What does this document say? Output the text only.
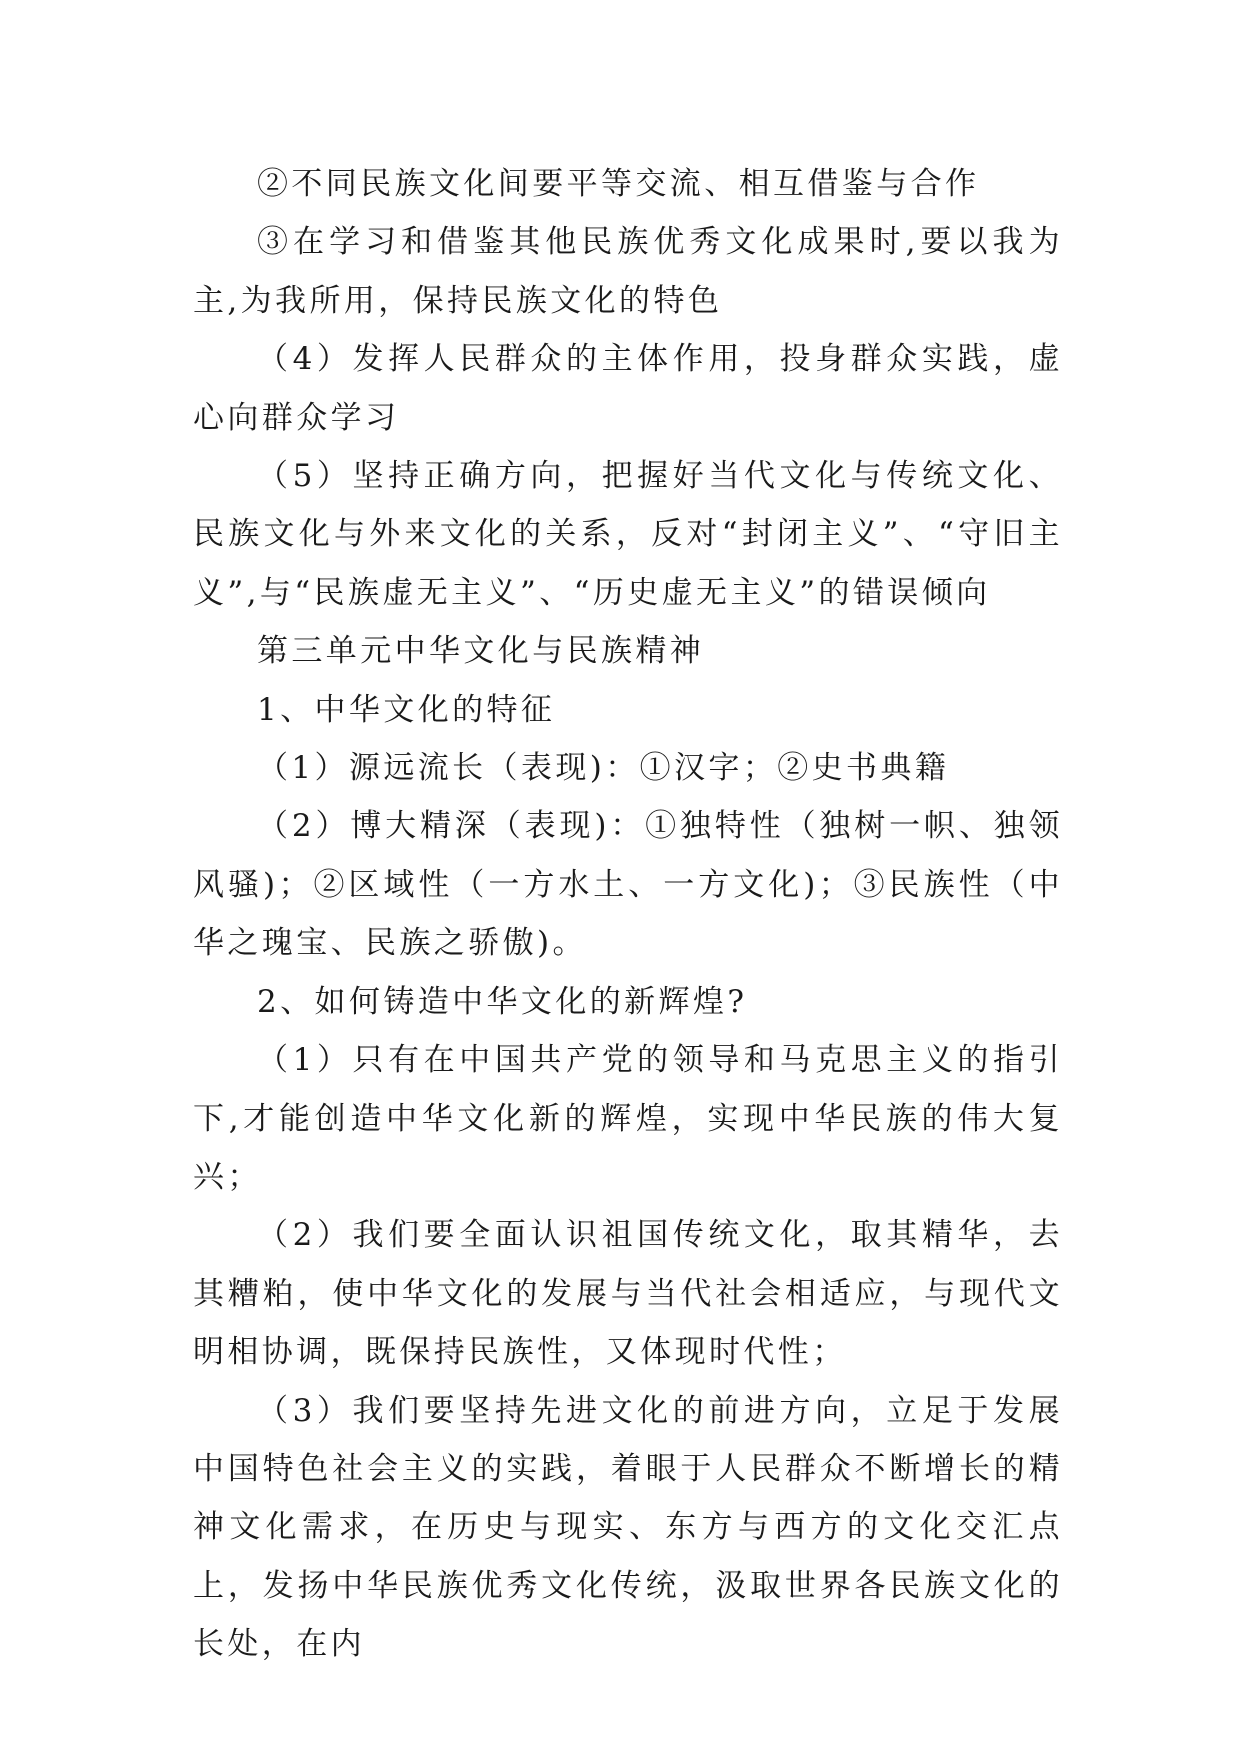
②不同民族文化间要平等交流、相互借鉴与合作

③在学习和借鉴其他民族优秀文化成果时,要以我为主,为我所用，保持民族文化的特色

（4）发挥人民群众的主体作用，投身群众实践，虚心向群众学习

（5）坚持正确方向，把握好当代文化与传统文化、民族文化与外来文化的关系，反对“封闭主义”、“守旧主义”,与“民族虚无主义”、“历史虚无主义”的错误倾向

第三单元中华文化与民族精神

1、中华文化的特征

（1）源远流长（表现)：①汉字；②史书典籍

（2）博大精深（表现)：①独特性（独树一帜、独领风骚)；②区域性（一方水土、一方文化)；③民族性（中华之瑰宝、民族之骄傲)。

2、如何铸造中华文化的新辉煌?

（1）只有在中国共产党的领导和马克思主义的指引下,才能创造中华文化新的辉煌，实现中华民族的伟大复兴；

（2）我们要全面认识祖国传统文化，取其精华，去其糟粕，使中华文化的发展与当代社会相适应，与现代文明相协调，既保持民族性，又体现时代性；

（3）我们要坚持先进文化的前进方向，立足于发展中国特色社会主义的实践，着眼于人民群众不断增长的精神文化需求，在历史与现实、东方与西方的文化交汇点上，发扬中华民族优秀文化传统，汲取世界各民族文化的长处，在内
